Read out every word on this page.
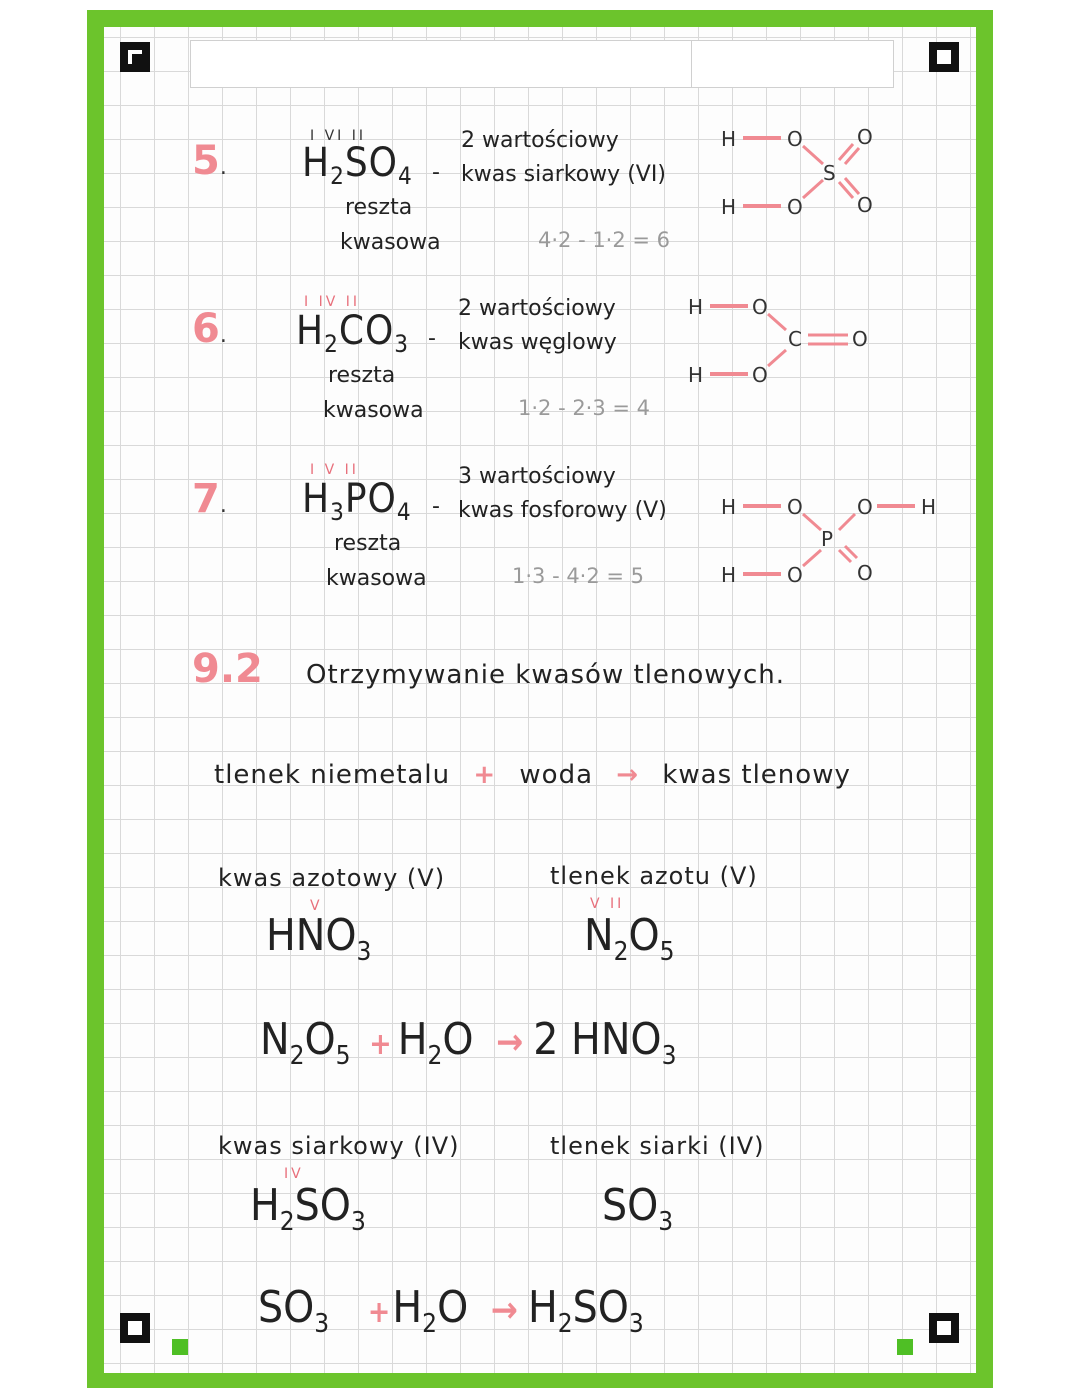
5.
I VI II
$H_2SO_4$
reszta
kwasowa
-
2 wartościowy
kwas siarkowy (VI)
4·2 - 1·2 = 6
H
H
O
O
S
O
O
6.
I IV II
$H_2CO_3$
reszta
kwasowa
-
2 wartościowy
kwas węglowy
1·2 - 2·3 = 4
H
H
O
O
C	O
7.
I V II
$H_3PO_4$
reszta
kwasowa
-
3 wartościowy
kwas fosforowy (V)
1·3 - 4·2 = 5
H
H
O
O
P
O
O
H
9.2 Otrzymywanie kwasów tlenowych.
tlenek niemetalu + woda → kwas tlenowy
kwas azotowy (V)
V
$HNO_3$
tlenek azotu (V)
V II
$N_2O_5$
$N_2O_5 + H_2O \to 2$ $HNO_3$
kwas siarkowy (IV)
IV
$H_2SO_3$
tlenek siarki (IV)
$SO_3$
$SO_3 +H_2O \to H_2SO_3$
